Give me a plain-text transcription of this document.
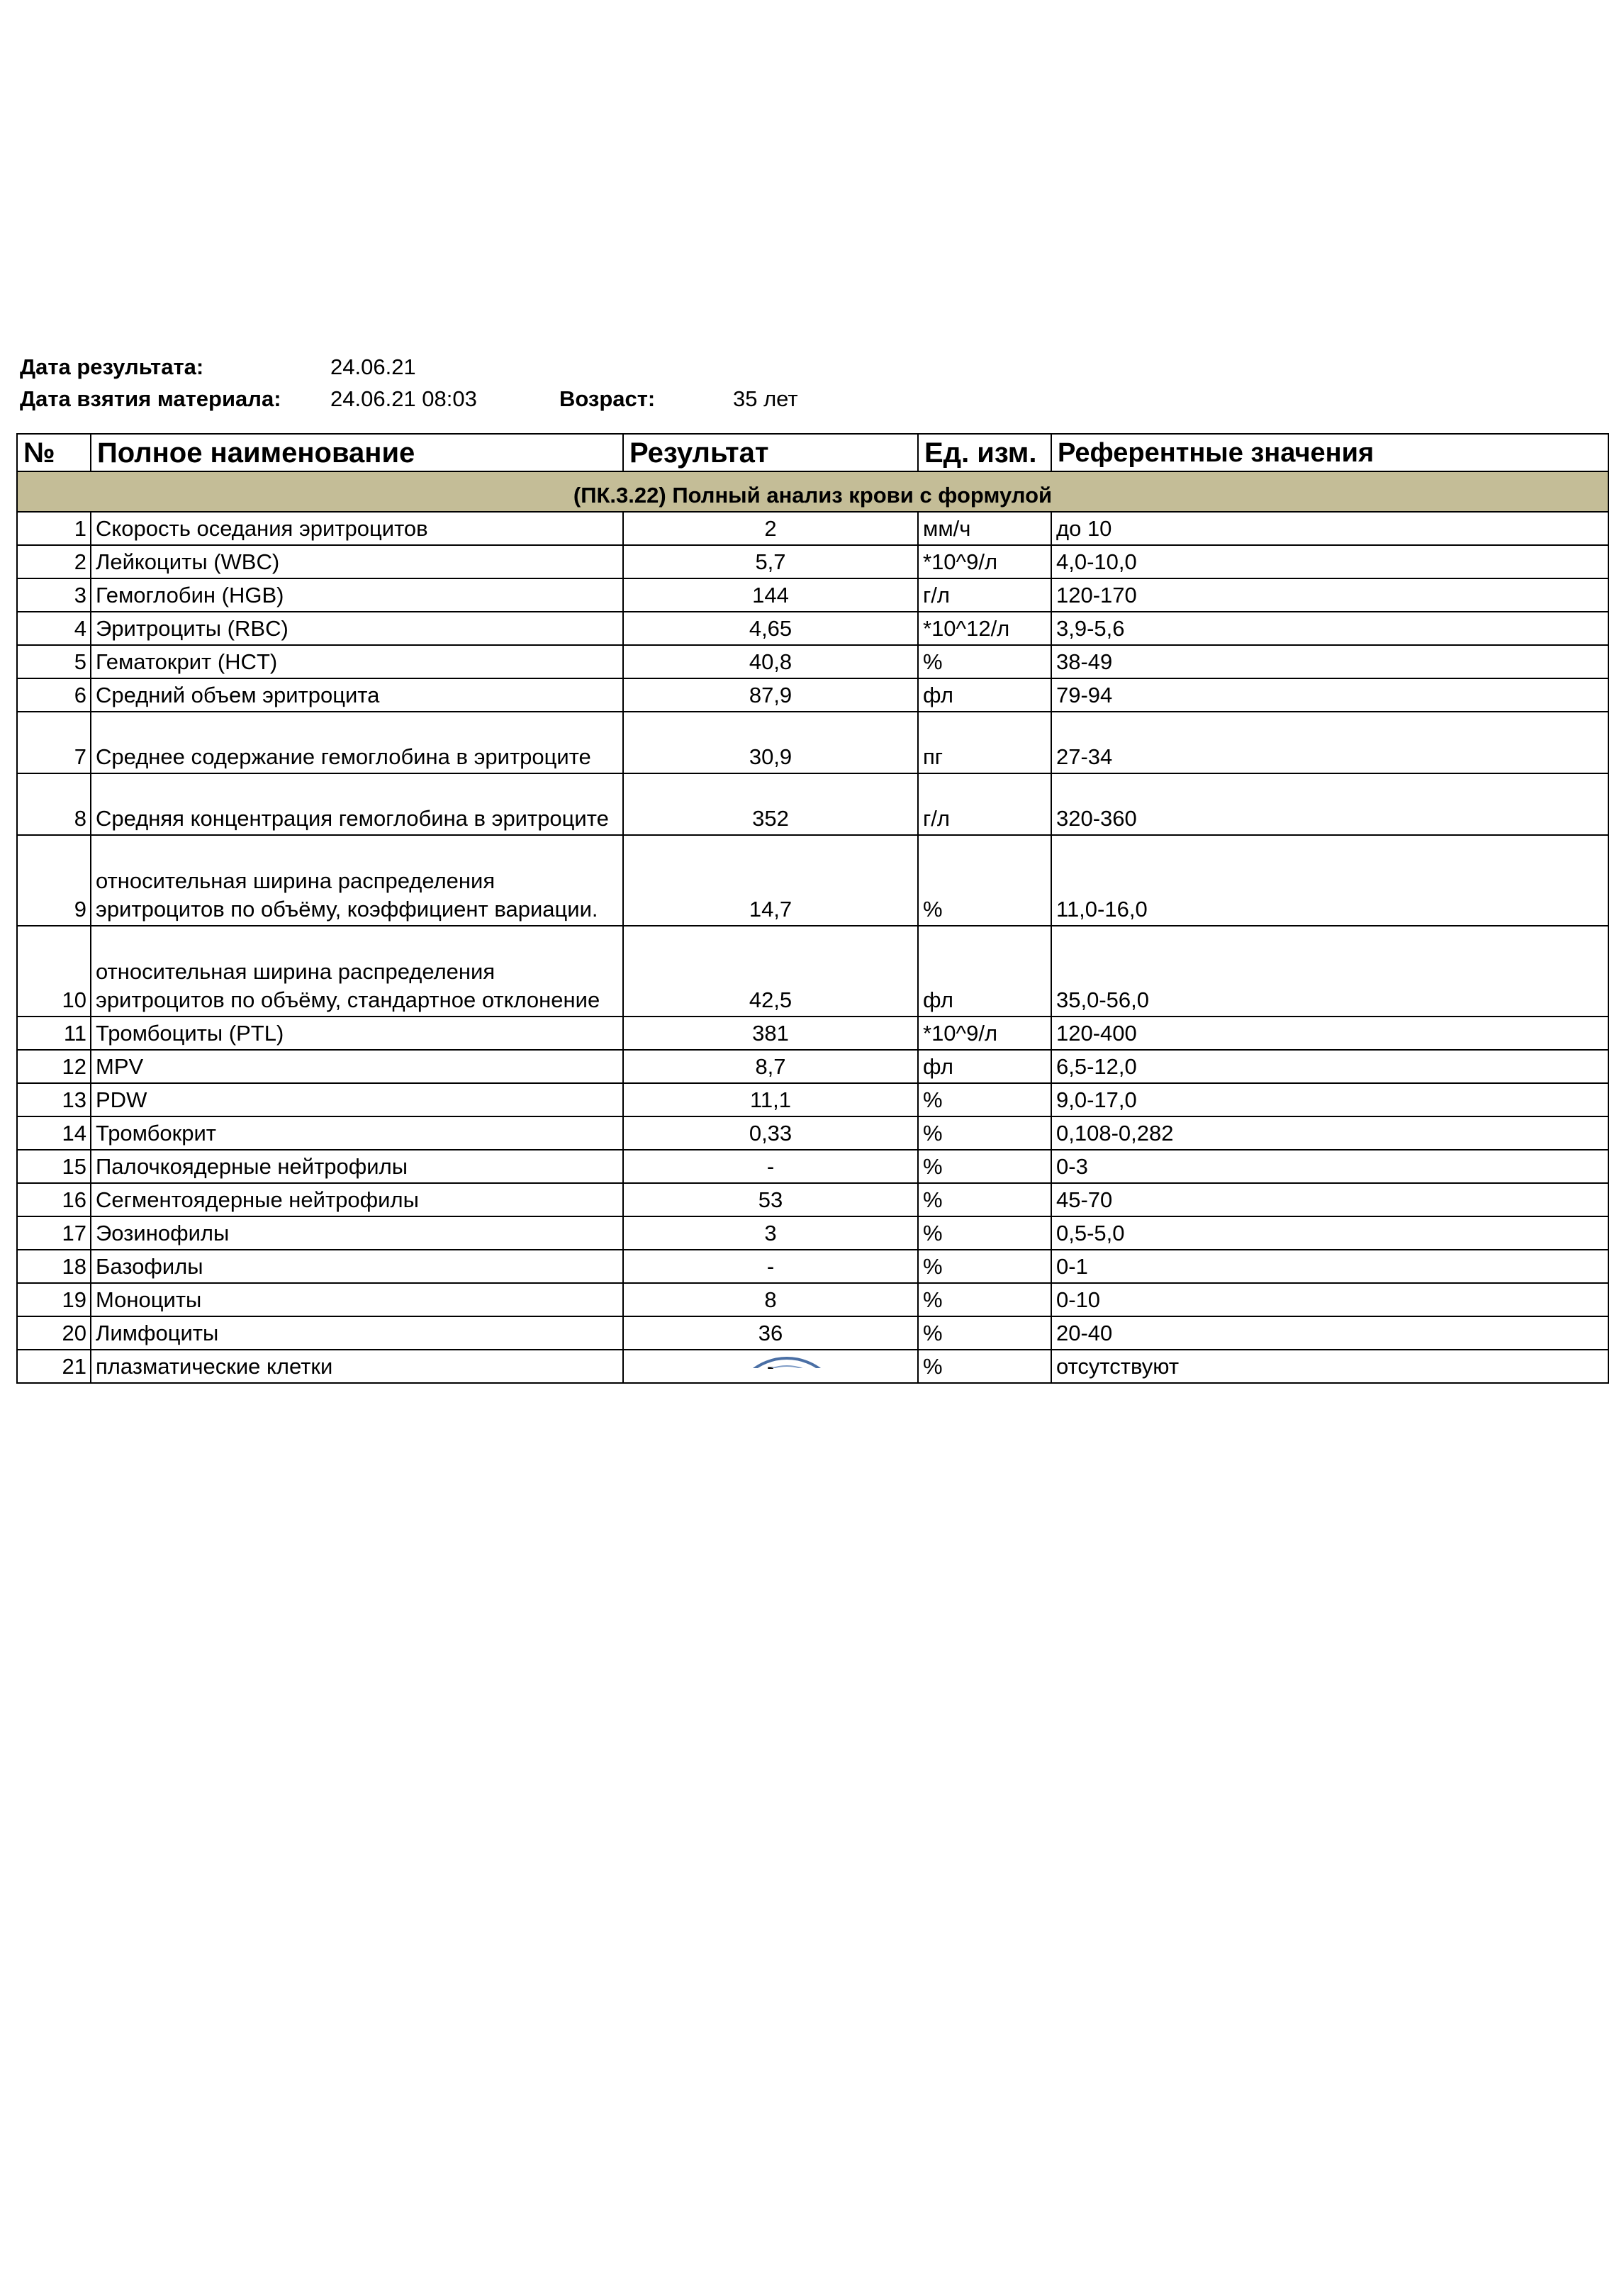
Дата результата:	24.06.21
Дата взятия материала: 24.06.21 08:03	Возраст:	35 лет
№	Полное наименование	Результат	Ед. изм.	Референтные значения
(ПК.3.22) Полный анализ крови с формулой				
1	Скорость оседания эритроцитов	2	мм/ч	до 10
2	Лейкоциты (WBC)	5,7	*10^9/л	4,0-10,0
3	Гемоглобин (HGB)	144	г/л	120-170
4	Эритроциты (RBC)	4,65	*10^12/л	3,9-5,6
5	Гематокрит (HCT)	40,8	%	38-49
6	Средний объем эритроцита	87,9	фл	79-94
7	Среднее содержание гемоглобина в эритроците	30,9	пг	27-34
8	Средняя концентрация гемоглобина в эритроците	352	г/л	320-360
9	относительная ширина распределения эритроцитов по объёму, коэффициент вариации.	14,7	%	11,0-16,0
10	относительная ширина распределения эритроцитов по объёму, стандартное отклонение	42,5	фл	35,0-56,0
11	Тромбоциты (PTL)	381	*10^9/л	120-400
12	MPV	8,7	фл	6,5-12,0
13	PDW	11,1	%	9,0-17,0
14	Тромбокрит	0,33	%	0,108-0,282
15	Палочкоядерные нейтрофилы	-	%	0-3
16	Сегментоядерные нейтрофилы	53	%	45-70
17	Эозинофилы	3	%	0,5-5,0
18	Базофилы	-	%	0-1
19	Моноциты	8	%	0-10
20	Лимфоциты	36	%	20-40
21	плазматические клетки	-	%	отсутствуют
